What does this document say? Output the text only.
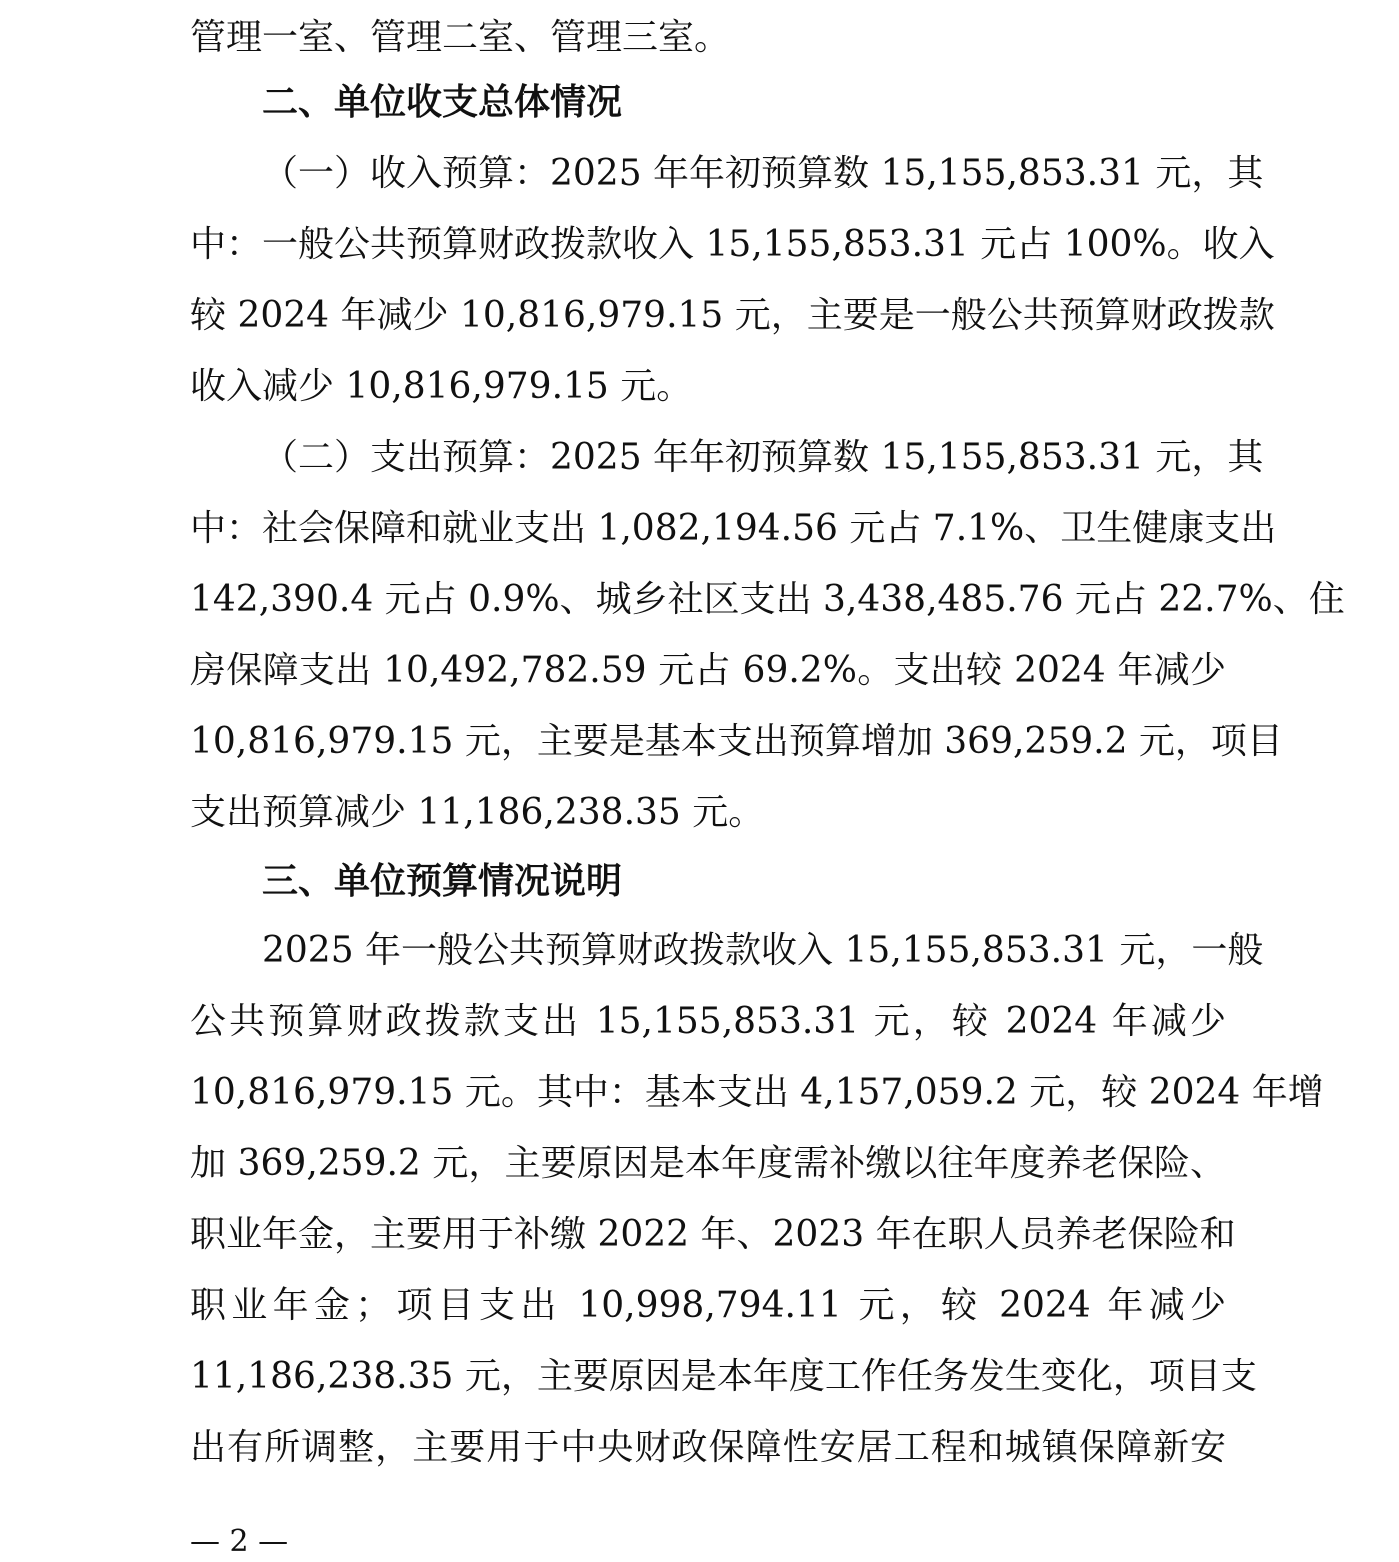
管理一室、管理二室、管理三室。
二、单位收支总体情况
（一）收入预算：2025 年年初预算数 15,155,853.31 元，其
中：一般公共预算财政拨款收入 15,155,853.31 元占 100%。收入
较 2024 年减少 10,816,979.15 元，主要是一般公共预算财政拨款
收入减少 10,816,979.15 元。
（二）支出预算：2025 年年初预算数 15,155,853.31 元，其
中：社会保障和就业支出 1,082,194.56 元占 7.1%、卫生健康支出
142,390.4 元占 0.9%、城乡社区支出 3,438,485.76 元占 22.7%、住
房保障支出 10,492,782.59 元占 69.2%。支出较 2024 年减少
10,816,979.15 元，主要是基本支出预算增加 369,259.2 元，项目
支出预算减少 11,186,238.35 元。
三、单位预算情况说明
2025 年一般公共预算财政拨款收入 15,155,853.31 元，一般
公共预算财政拨款支出 15,155,853.31 元，较 2024 年减少
10,816,979.15 元。其中：基本支出 4,157,059.2 元，较 2024 年增
加 369,259.2 元，主要原因是本年度需补缴以往年度养老保险、
职业年金，主要用于补缴 2022 年、2023 年在职人员养老保险和
职业年金；项目支出 10,998,794.11 元，较 2024 年减少
11,186,238.35 元，主要原因是本年度工作任务发生变化，项目支
出有所调整，主要用于中央财政保障性安居工程和城镇保障新安
— 2 —
